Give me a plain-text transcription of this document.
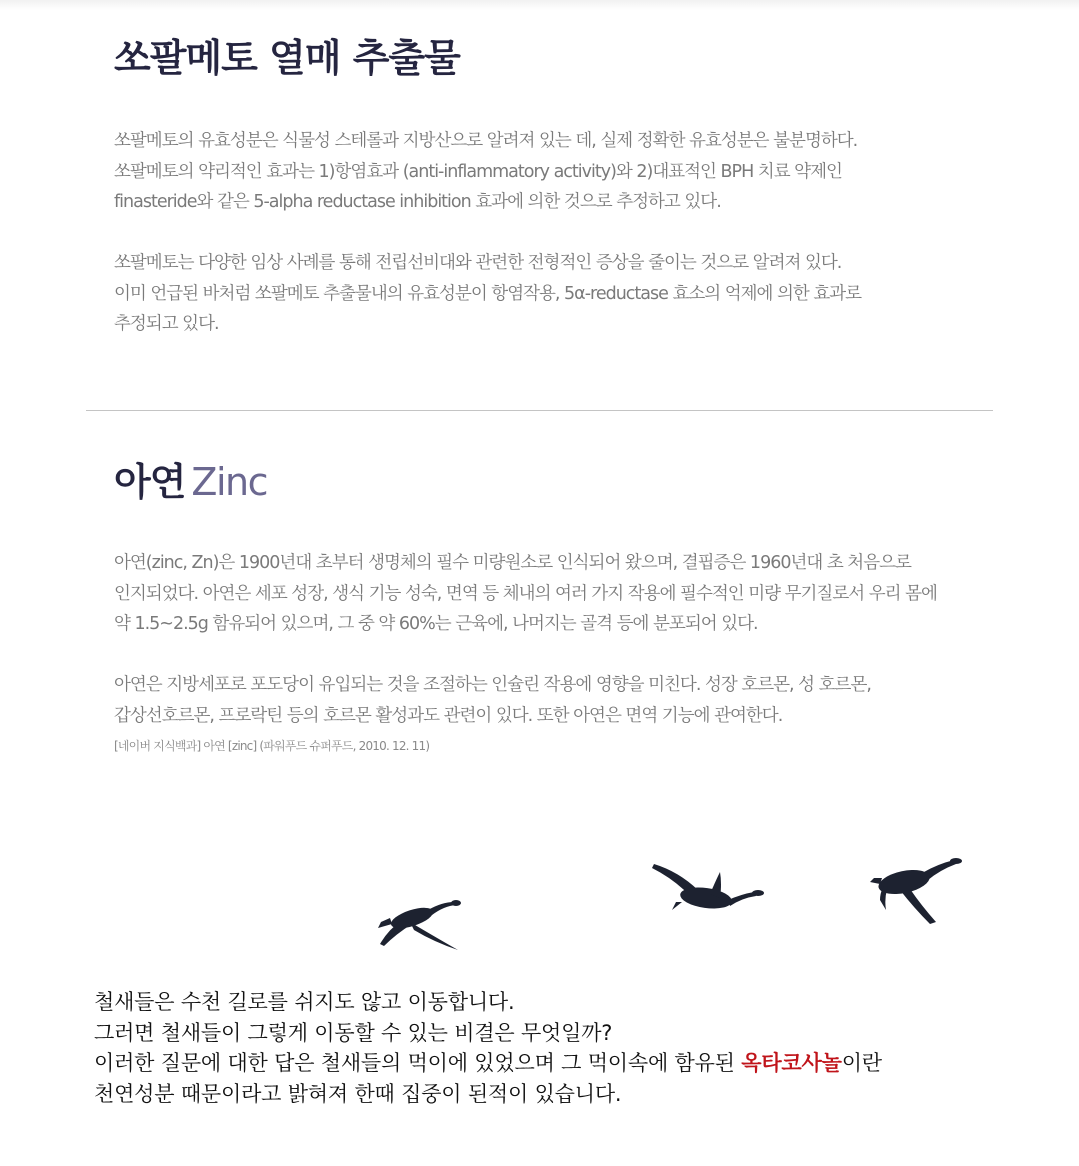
쏘팔메토 열매 추출물

쏘팔메토의 유효성분은 식물성 스테롤과 지방산으로 알려져 있는 데, 실제 정확한 유효성분은 불분명하다.
쏘팔메토의 약리적인 효과는 1)항염효과 (anti-inflammatory activity)와 2)대표적인 BPH 치료 약제인
finasteride와 같은 5-alpha reductase inhibition 효과에 의한 것으로 추정하고 있다.

쏘팔메토는 다양한 임상 사례를 통해 전립선비대와 관련한 전형적인 증상을 줄이는 것으로 알려져 있다.
이미 언급된 바처럼 쏘팔메토 추출물내의 유효성분이 항염작용, 5α-reductase 효소의 억제에 의한 효과로
추정되고 있다.

아연 Zinc

아연(zinc, Zn)은 1900년대 초부터 생명체의 필수 미량원소로 인식되어 왔으며, 결핍증은 1960년대 초 처음으로
인지되었다. 아연은 세포 성장, 생식 기능 성숙, 면역 등 체내의 여러 가지 작용에 필수적인 미량 무기질로서 우리 몸에
약 1.5~2.5g 함유되어 있으며, 그 중 약 60%는 근육에, 나머지는 골격 등에 분포되어 있다.

아연은 지방세포로 포도당이 유입되는 것을 조절하는 인슐린 작용에 영향을 미친다. 성장 호르몬, 성 호르몬,
갑상선호르몬, 프로락틴 등의 호르몬 활성과도 관련이 있다. 또한 아연은 면역 기능에 관여한다.

[네이버 지식백과] 아연 [zinc] (파워푸드 슈퍼푸드, 2010. 12. 11)

철새들은 수천 길로를 쉬지도 않고 이동합니다.
그러면 철새들이 그렇게 이동할 수 있는 비결은 무엇일까?
이러한 질문에 대한 답은 철새들의 먹이에 있었으며 그 먹이속에 함유된 옥타코사놀이란
천연성분 때문이라고 밝혀져 한때 집중이 된적이 있습니다.
